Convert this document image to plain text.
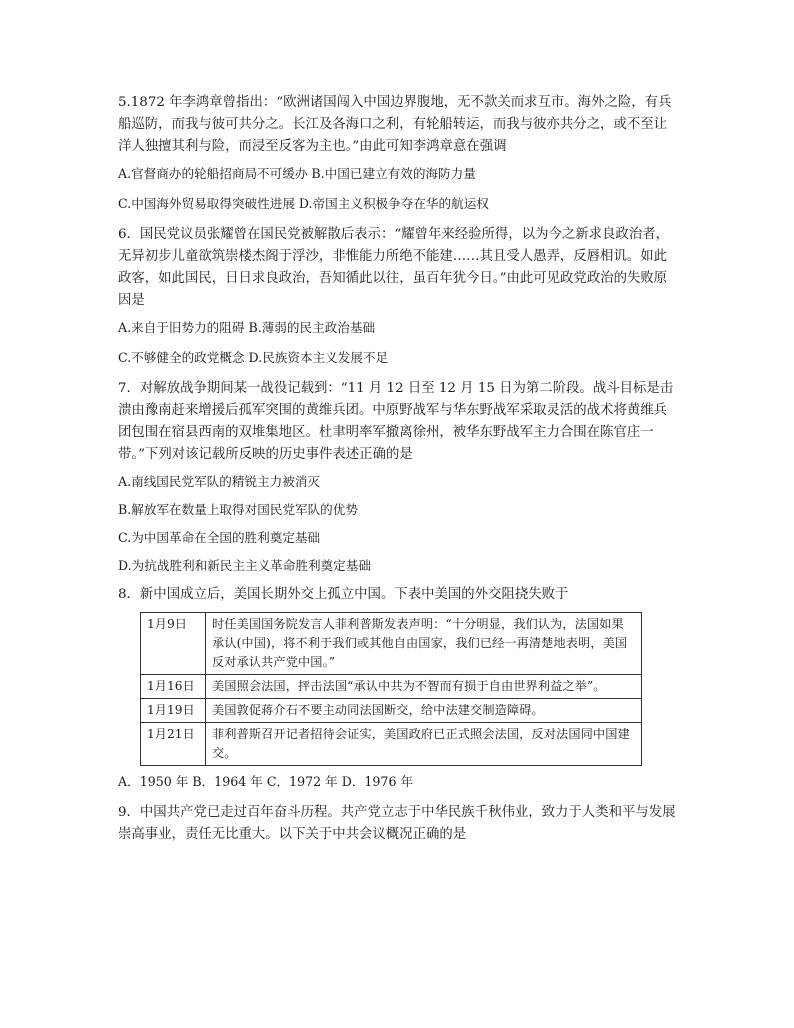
5.1872 年李鸿章曾指出：“欧洲诸国闯入中国边界腹地，无不款关而求互市。海外之险，有兵船巡防，而我与彼可共分之。长江及各海口之利，有轮船转运，而我与彼亦共分之，或不至让洋人独擅其利与险，而浸至反客为主也。”由此可知李鸿章意在强调

A.官督商办的轮船招商局不可缓办 B.中国已建立有效的海防力量

C.中国海外贸易取得突破性进展 D.帝国主义积极争夺在华的航运权

6．国民党议员张耀曾在国民党被解散后表示：“耀曾年来经验所得，以为今之新求良政治者，无异初步儿童欲筑崇楼杰阁于浮沙，非惟能力所绝不能建……其且受人愚弄，反唇相讥。如此政客，如此国民，日日求良政治，吾知循此以往，虽百年犹今日。”由此可见政党政治的失败原因是

A.来自于旧势力的阻碍 B.薄弱的民主政治基础

C.不够健全的政党概念 D.民族资本主义发展不足

7．对解放战争期间某一战役记载到：“11 月 12 日至 12 月 15 日为第二阶段。战斗目标是击溃由豫南赶来增援后孤军突围的黄维兵团。中原野战军与华东野战军采取灵活的战术将黄维兵团包围在宿县西南的双堆集地区。杜聿明率军撤离徐州，被华东野战军主力合围在陈官庄一带。”下列对该记载所反映的历史事件表述正确的是

A.南线国民党军队的精锐主力被消灭

B.解放军在数量上取得对国民党军队的优势

C.为中国革命在全国的胜利奠定基础

D.为抗战胜利和新民主主义革命胜利奠定基础

8．新中国成立后，美国长期外交上孤立中国。下表中美国的外交阻挠失败于

1月9日	时任美国国务院发言人菲利普斯发表声明：“十分明显，我们认为，法国如果承认(中国)，将不利于我们或其他自由国家，我们已经一再清楚地表明，美国反对承认共产党中国。”
1月16日	美国照会法国，抨击法国“承认中共为不智而有损于自由世界利益之举”。
1月19日	美国敦促蒋介石不要主动同法国断交，给中法建交制造障碍。
1月21日	菲利普斯召开记者招待会证实，美国政府已正式照会法国，反对法国同中国建交。

A．1950 年 B．1964 年 C．1972 年 D．1976 年

9．中国共产党已走过百年奋斗历程。共产党立志于中华民族千秋伟业，致力于人类和平与发展崇高事业，责任无比重大。以下关于中共会议概况正确的是
